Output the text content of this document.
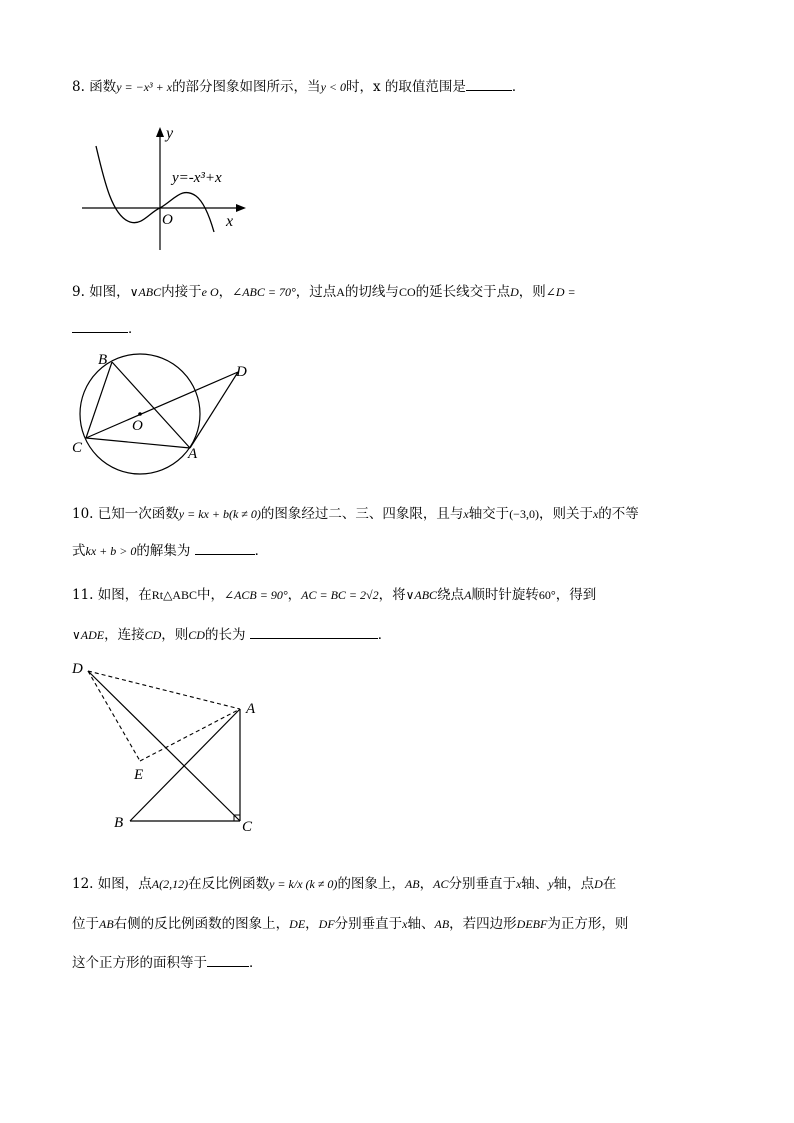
8. 函数y = −x³ + x的部分图象如图所示，当y < 0时，x 的取值范围是	．
y
x
O
y=-x³+x
9. 如图，∨ABC内接于e O，∠ABC = 70°，过点A的切线与CO的延长线交于点D，则∠D =
．
B
C	A
D
O
10. 已知一次函数y = kx + b(k ≠ 0)的图象经过二、三、四象限，且与x轴交于(−3,0)，则关于x的不等
式kx + b > 0的解集为	．
11. 如图，在Rt△ABC中，∠ACB = 90°，AC = BC = 2√2，将∨ABC绕点A顺时针旋转60°，得到
∨ADE，连接CD，则CD的长为	．
D
A
E
B	C
12. 如图，点A(2,12)在反比例函数y = k/x (k ≠ 0)的图象上，AB，AC分别垂直于x轴、y轴，点D在
位于AB右侧的反比例函数的图象上，DE，DF分别垂直于x轴、AB，若四边形DEBF为正方形，则
这个正方形的面积等于	．
